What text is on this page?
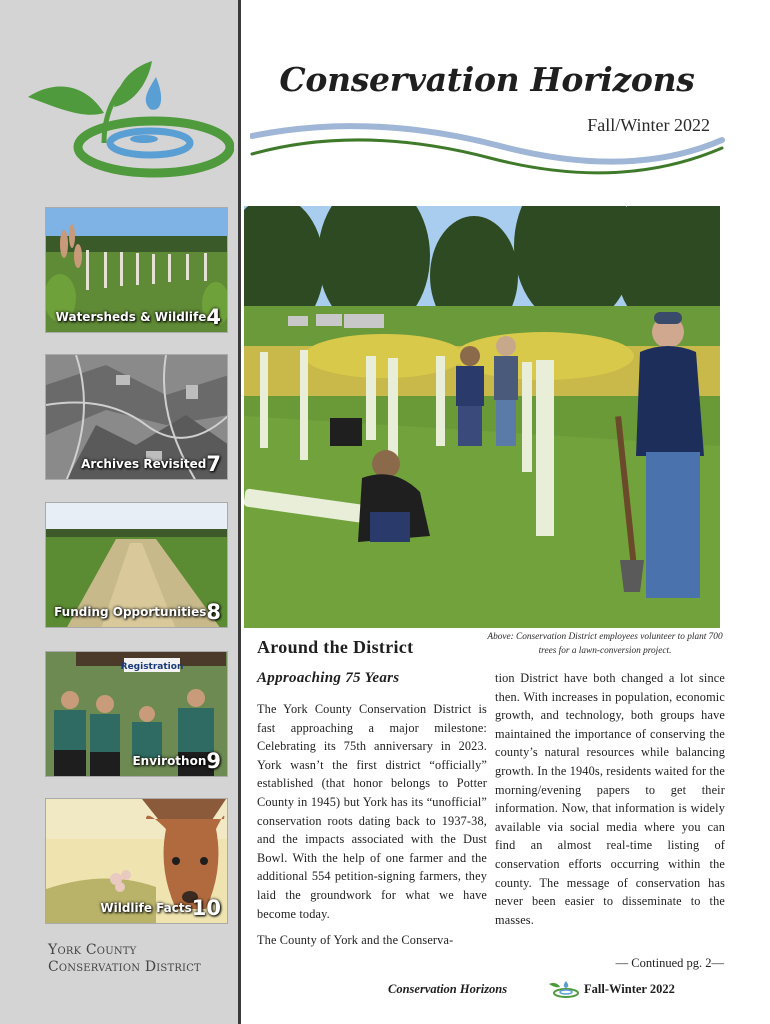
Watersheds & Wildlife4
Archives Revisited7
Funding Opportunities8
Registration
Envirothon9
Wildlife Facts10
York County
Conservation District
Conservation Horizons
Fall/Winter 2022
Above: Conservation District employees volunteer to plant 700 trees for a lawn-conversion project.
Around the District
Approaching 75 Years

The York County Conservation District is fast approaching a major milestone: Celebrating its 75th anniversary in 2023. York wasn’t the first district “officially” established (that honor belongs to Potter County in 1945) but York has its “unofficial” conservation roots dating back to 1937-38, and the impacts associated with the Dust Bowl. With the help of one farmer and the additional 554 petition-signing farmers, they laid the groundwork for what we have become today.

The County of York and the Conserva-

tion District have both changed a lot since then. With increases in population, economic growth, and technology, both groups have maintained the importance of conserving the county’s natural resources while balancing growth. In the 1940s, residents waited for the morning/evening papers to get their information. Now, that information is widely available via social media where you can find an almost real-time listing of conservation efforts occurring within the county. The message of conservation has never been easier to disseminate to the masses.

— Continued pg. 2—
Conservation Horizons	Fall-Winter 2022
